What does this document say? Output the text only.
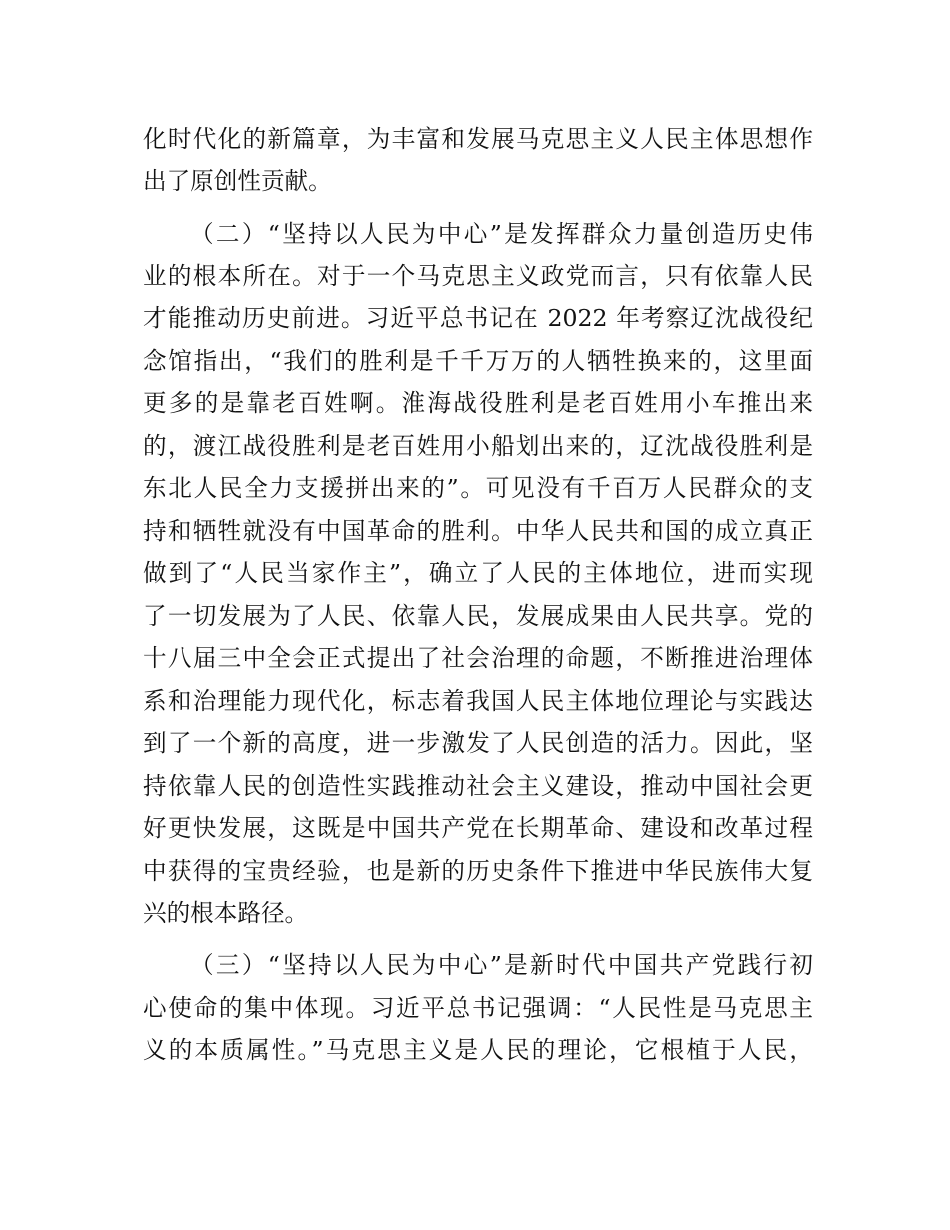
化时代化的新篇章，为丰富和发展马克思主义人民主体思想作
出了原创性贡献。
（二）“坚持以人民为中心”是发挥群众力量创造历史伟
业的根本所在。对于一个马克思主义政党而言，只有依靠人民
才能推动历史前进。习近平总书记在 2022 年考察辽沈战役纪
念馆指出，“我们的胜利是千千万万的人牺牲换来的，这里面
更多的是靠老百姓啊。淮海战役胜利是老百姓用小车推出来
的，渡江战役胜利是老百姓用小船划出来的，辽沈战役胜利是
东北人民全力支援拼出来的”。可见没有千百万人民群众的支
持和牺牲就没有中国革命的胜利。中华人民共和国的成立真正
做到了“人民当家作主”，确立了人民的主体地位，进而实现
了一切发展为了人民、依靠人民，发展成果由人民共享。党的
十八届三中全会正式提出了社会治理的命题，不断推进治理体
系和治理能力现代化，标志着我国人民主体地位理论与实践达
到了一个新的高度，进一步激发了人民创造的活力。因此，坚
持依靠人民的创造性实践推动社会主义建设，推动中国社会更
好更快发展，这既是中国共产党在长期革命、建设和改革过程
中获得的宝贵经验，也是新的历史条件下推进中华民族伟大复
兴的根本路径。
（三）“坚持以人民为中心”是新时代中国共产党践行初
心使命的集中体现。习近平总书记强调：“人民性是马克思主
义的本质属性。”马克思主义是人民的理论，它根植于人民，
